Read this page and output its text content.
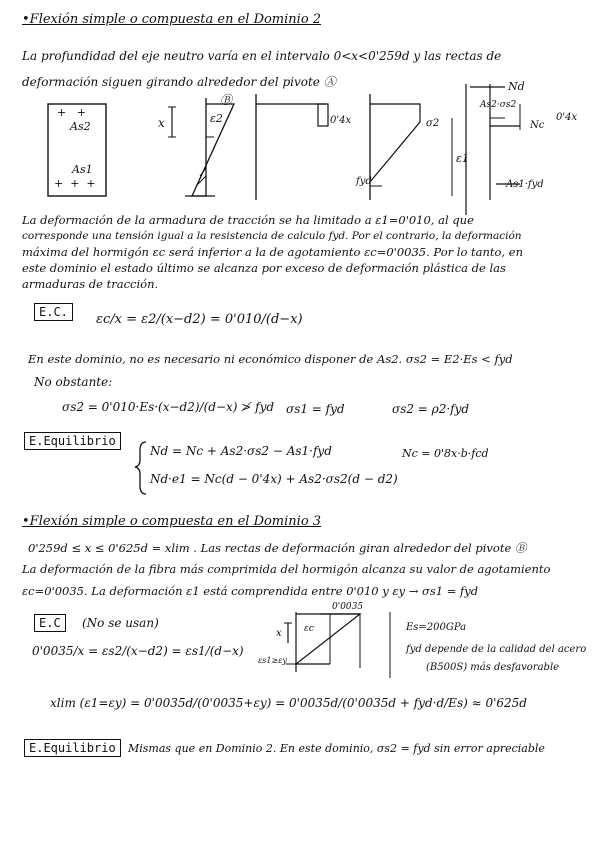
•Flexión simple o compuesta en el Dominio 2
La profundidad del eje neutro varía en el intervalo 0<x<0'259d y las rectas de
deformación siguen girando alrededor del pivote Ⓐ
+   +
As2
As1
+  +  +
x
Ⓑ
ε2	0'4x	σ2
fyd
ε1
Nd
As2·σs2
Nc
0'4x
As1·fyd
La deformación de la armadura de tracción se ha limitado a ε1=0'010, al que
corresponde una tensión igual a la resistencia de calculo fyd. Por el contrario, la deformación
máxima del hormigón εc será inferior a la de agotamiento εc=0'0035. Por lo tanto, en
este dominio el estado último se alcanza por exceso de deformación plástica de las
armaduras de tracción.
E.C.	εc/x = ε2/(x−d2) = 0'010/(d−x)
En este dominio, no es necesario ni económico disponer de As2. σs2 = E2·Es < fyd
No obstante:
σs2 = 0'010·Es·(x−d2)/(d−x) ≯ fyd σs1 = fyd	σs2 = ρ2·fyd
E.Equilibrio
Nd = Nc + As2·σs2 − As1·fyd	Nc = 0'8x·b·fcd
Nd·e1 = Nc(d − 0'4x) + As2·σs2(d − d2)
•Flexión simple o compuesta en el Dominio 3
0'259d ≤ x ≤ 0'625d = xlim . Las rectas de deformación giran alrededor del pivote Ⓑ
La deformación de la fibra más comprimida del hormigón alcanza su valor de agotamiento
εc=0'0035. La deformación ε1 está comprendida entre 0'010 y εy → σs1 = fyd
E.C	(No se usan)
0'0035/x = εs2/(x−d2) = εs1/(d−x)
0'0035
εc
x
εs1≥εy
Es=200GPa
fyd depende de la calidad del acero
(B500S) más desfavorable
xlim (ε1=εy) = 0'0035d/(0'0035+εy) = 0'0035d/(0'0035d + fyd·d/Es) ≈ 0'625d
E.Equilibrio	Mismas que en Dominio 2. En este dominio, σs2 = fyd sin error apreciable
